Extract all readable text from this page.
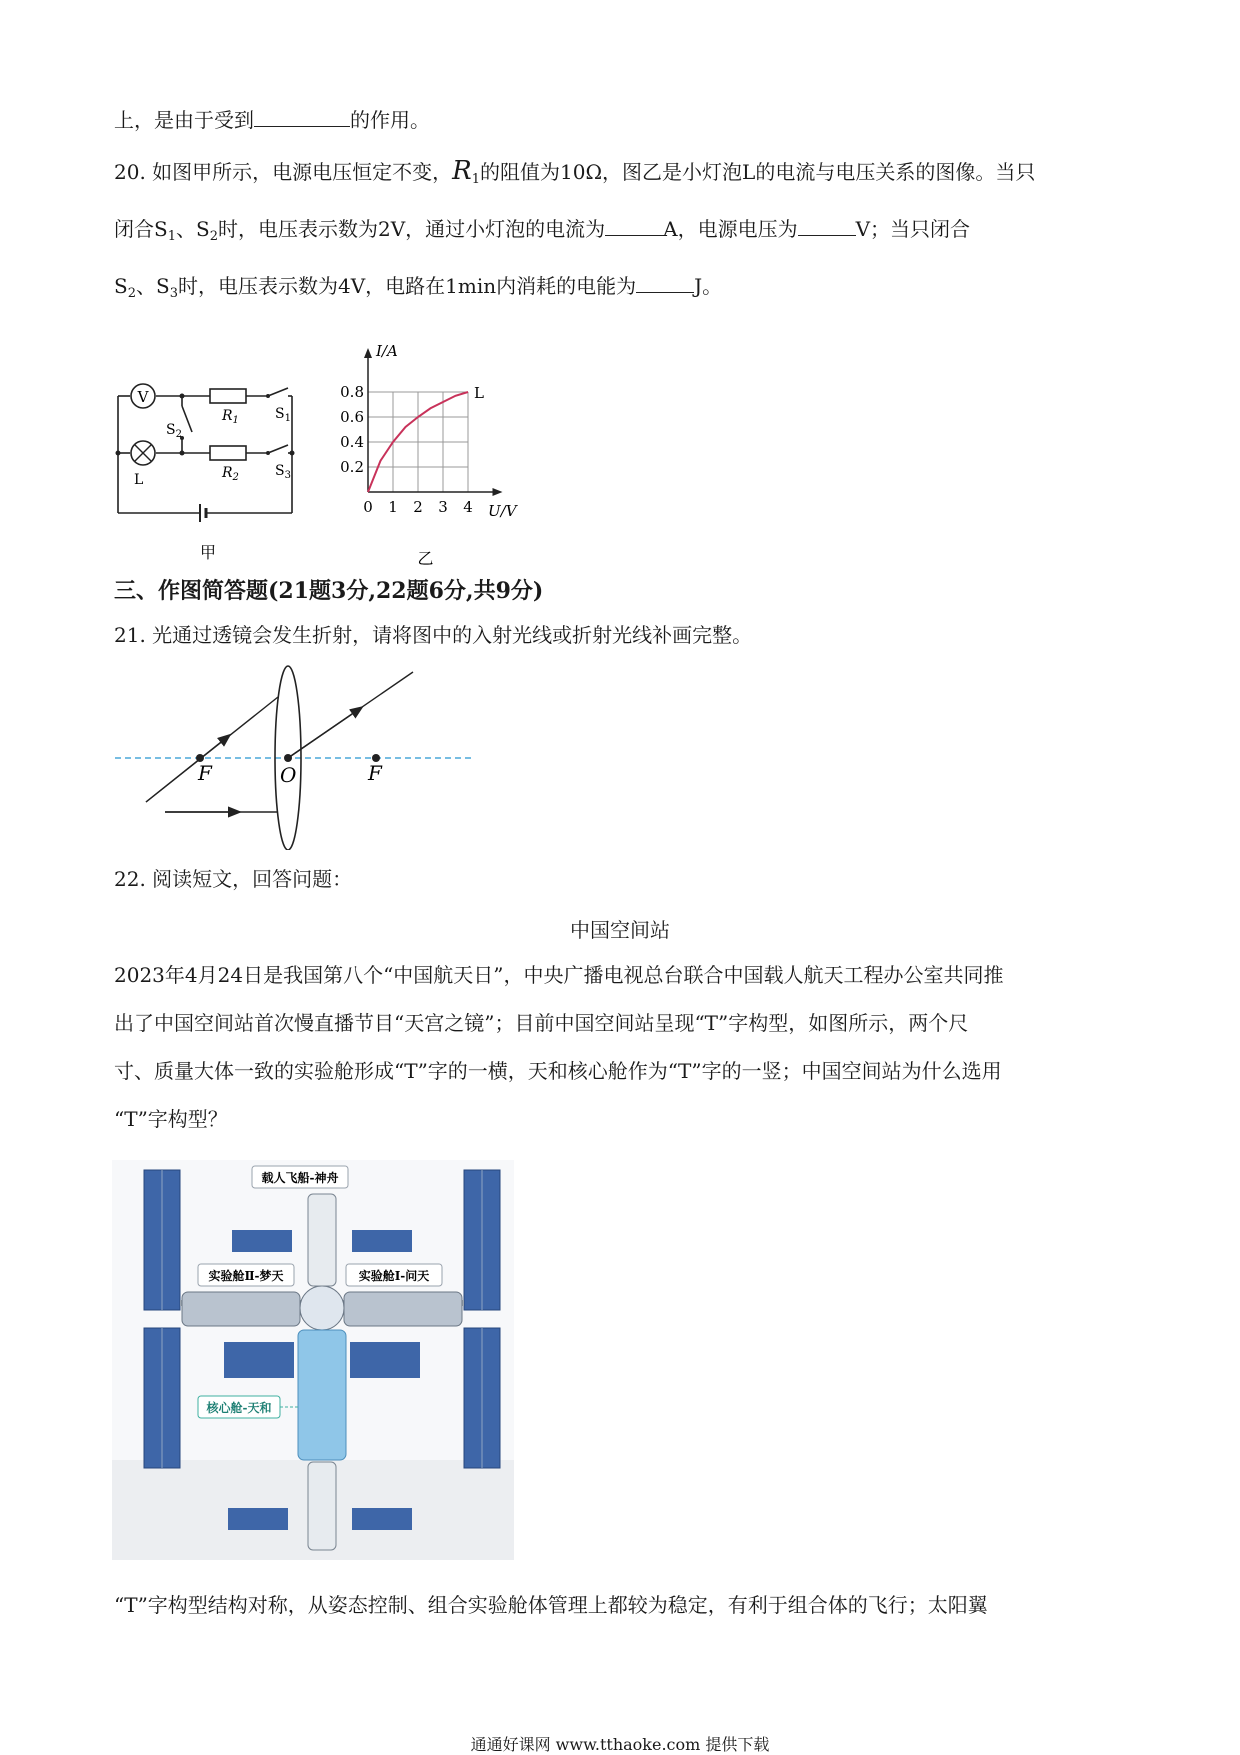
上，是由于受到	的作用。
20. 如图甲所示，电源电压恒定不变，$R_1$的阻值为10Ω，图乙是小灯泡L的电流与电压关系的图像。当只
闭合$S_1$、$S_2$时，电压表示数为2V，通过小灯泡的电流为	A，电源电压为	V；当只闭合
$S_2$、$S_3$时，电压表示数为4V，电路在1min内消耗的电能为	J。
V
L
$R_1$
$R_2$
$S_1$
$S_2$
$S_3$
甲
0 1 2 3 4
0.2
0.4
0.6
0.8
I/A
U/V
L
乙
三、作图简答题(21题3分,22题6分,共9分)
21. 光通过透镜会发生折射，请将图中的入射光线或折射光线补画完整。
F	O	F
22. 阅读短文，回答问题：
中国空间站
2023年4月24日是我国第八个“中国航天日”，中央广播电视总台联合中国载人航天工程办公室共同推
出了中国空间站首次慢直播节目“天宫之镜”；目前中国空间站呈现“T”字构型，如图所示，两个尺
寸、质量大体一致的实验舱形成“T”字的一横，天和核心舱作为“T”字的一竖；中国空间站为什么选用
“T”字构型？
载人飞船-神舟
实验舱Ⅱ-梦天	实验舱Ⅰ-问天
核心舱-天和
“T”字构型结构对称，从姿态控制、组合实验舱体管理上都较为稳定，有利于组合体的飞行；太阳翼
通通好课网 www.tthaoke.com 提供下载
